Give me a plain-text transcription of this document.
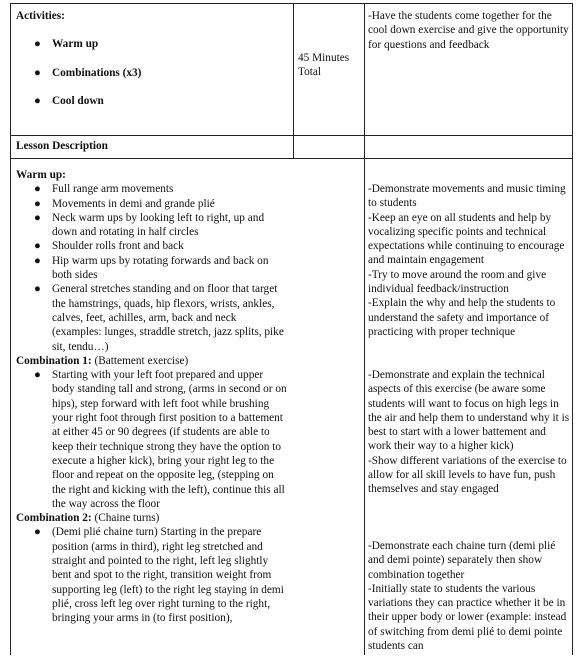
Activities:
● Warm up
● Combinations (x3)
● Cool down
45 Minutes Total
-Have the students come together for the cool down exercise and give the opportunity for questions and feedback
Lesson Description
Warm up:
● Full range arm movements
● Movements in demi and grande plié
● Neck warm ups by looking left to right, up and down and rotating in half circles
● Shoulder rolls front and back
● Hip warm ups by rotating forwards and back on both sides
● General stretches standing and on floor that target the hamstrings, quads, hip flexors, wrists, ankles, calves, feet, achilles, arm, back and neck (examples: lunges, straddle stretch, jazz splits, pike sit, tendu…)
Combination 1: (Battement exercise)
● Starting with your left foot prepared and upper body standing tall and strong, (arms in second or on hips), step forward with left foot while brushing your right foot through first position to a battement at either 45 or 90 degrees (if students are able to keep their technique strong they have the option to execute a higher kick), bring your right leg to the floor and repeat on the opposite leg, (stepping on the right and kicking with the left), continue this all the way across the floor
Combination 2: (Chaine turns)
● (Demi plié chaine turn) Starting in the prepare position (arms in third), right leg stretched and straight and pointed to the right, left leg slightly bent and spot to the right, transition weight from supporting leg (left) to the right leg staying in demi plié, cross left leg over right turning to the right, bringing your arms in (to first position),
-Demonstrate movements and music timing to students
-Keep an eye on all students and help by vocalizing specific points and technical expectations while continuing to encourage and maintain engagement
-Try to move around the room and give individual feedback/instruction
-Explain the why and help the students to understand the safety and importance of practicing with proper technique
-Demonstrate and explain the technical aspects of this exercise (be aware some students will want to focus on high legs in the air and help them to understand why it is best to start with a lower battement and work their way to a higher kick)
-Show different variations of the exercise to allow for all skill levels to have fun, push themselves and stay engaged
-Demonstrate each chaine turn (demi plié and demi pointe) separately then show combination together
-Initially state to students the various variations they can practice whether it be in their upper body or lower (example: instead of switching from demi plié to demi pointe students can
